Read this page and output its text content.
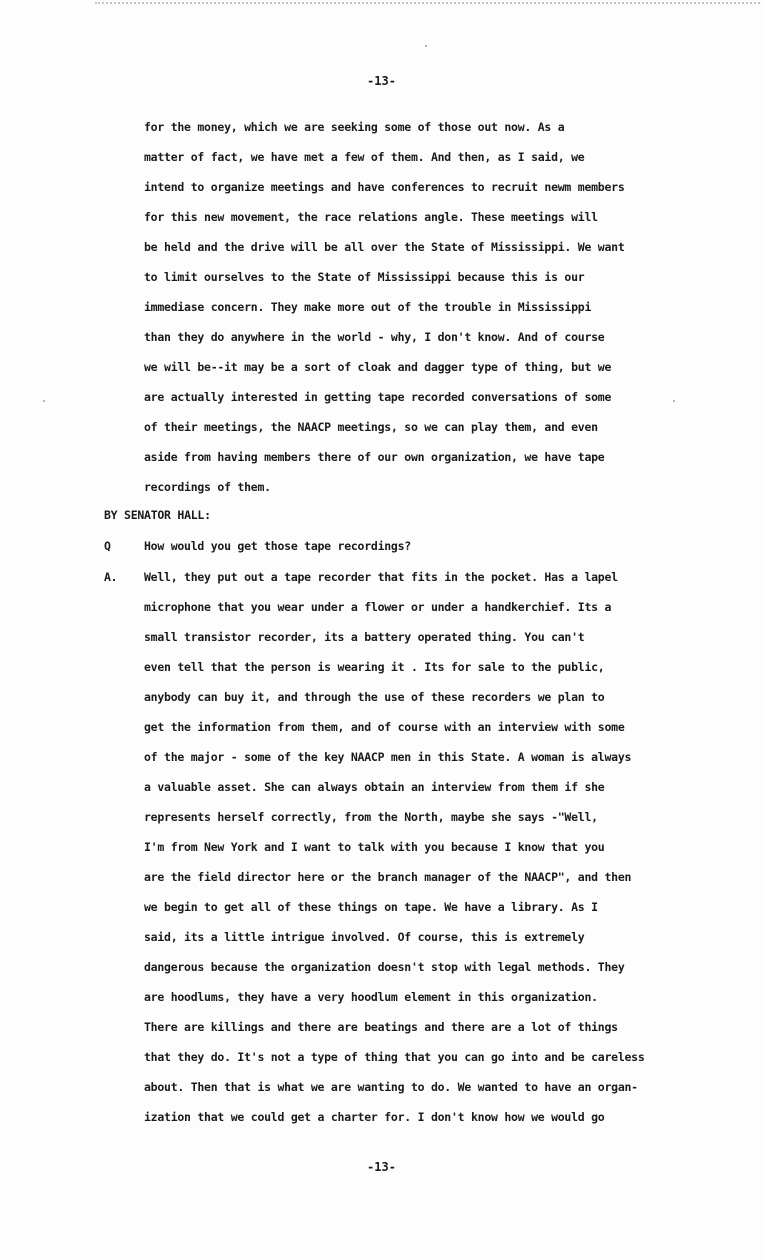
-13-
for the money, which we are seeking some of those out now. As a
matter of fact, we have met a few of them. And then, as I said, we
intend to organize meetings and have conferences to recruit newm members
for this new movement, the race relations angle. These meetings will
be held and the drive will be all over the State of Mississippi. We want
to limit ourselves to the State of Mississippi because this is our
immediase concern. They make more out of the trouble in Mississippi
than they do anywhere in the world - why, I don't know. And of course
we will be--it may be a sort of cloak and dagger type of thing, but we
are actually interested in getting tape recorded conversations of some
of their meetings, the NAACP meetings, so we can play them, and even
aside from having members there of our own organization, we have tape
recordings of them.
BY SENATOR HALL:
Q	How would you get those tape recordings?
A. Well, they put out a tape recorder that fits in the pocket. Has a lapel
microphone that you wear under a flower or under a handkerchief. Its a
small transistor recorder, its a battery operated thing. You can't
even tell that the person is wearing it . Its for sale to the public,
anybody can buy it, and through the use of these recorders we plan to
get the information from them, and of course with an interview with some
of the major - some of the key NAACP men in this State. A woman is always
a valuable asset. She can always obtain an interview from them if she
represents herself correctly, from the North, maybe she says -"Well,
I'm from New York and I want to talk with you because I know that you
are the field director here or the branch manager of the NAACP", and then
we begin to get all of these things on tape. We have a library. As I
said, its a little intrigue involved. Of course, this is extremely
dangerous because the organization doesn't stop with legal methods. They
are hoodlums, they have a very hoodlum element in this organization.
There are killings and there are beatings and there are a lot of things
that they do. It's not a type of thing that you can go into and be careless
about. Then that is what we are wanting to do. We wanted to have an organ-
ization that we could get a charter for. I don't know how we would go
-13-
